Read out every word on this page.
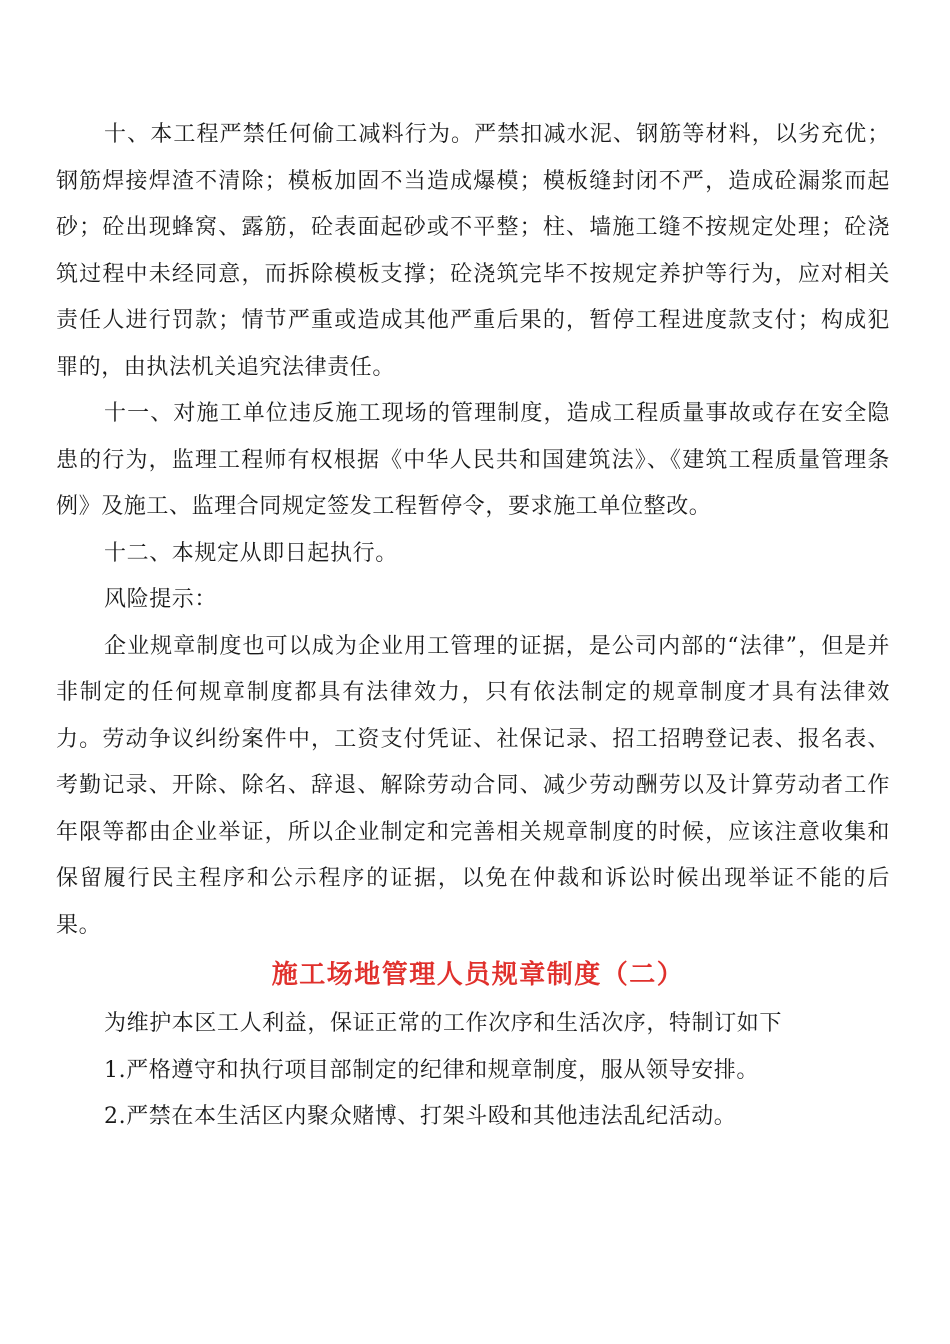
十、本工程严禁任何偷工减料行为。严禁扣减水泥、钢筋等材料，以劣充优；钢筋焊接焊渣不清除；模板加固不当造成爆模；模板缝封闭不严，造成砼漏浆而起砂；砼出现蜂窝、露筋，砼表面起砂或不平整；柱、墙施工缝不按规定处理；砼浇筑过程中未经同意，而拆除模板支撑；砼浇筑完毕不按规定养护等行为，应对相关责任人进行罚款；情节严重或造成其他严重后果的，暂停工程进度款支付；构成犯罪的，由执法机关追究法律责任。

十一、对施工单位违反施工现场的管理制度，造成工程质量事故或存在安全隐患的行为，监理工程师有权根据《中华人民共和国建筑法》、《建筑工程质量管理条例》及施工、监理合同规定签发工程暂停令，要求施工单位整改。

十二、本规定从即日起执行。

风险提示：

企业规章制度也可以成为企业用工管理的证据，是公司内部的“法律”，但是并非制定的任何规章制度都具有法律效力，只有依法制定的规章制度才具有法律效力。劳动争议纠纷案件中，工资支付凭证、社保记录、招工招聘登记表、报名表、考勤记录、开除、除名、辞退、解除劳动合同、减少劳动酬劳以及计算劳动者工作年限等都由企业举证，所以企业制定和完善相关规章制度的时候，应该注意收集和保留履行民主程序和公示程序的证据，以免在仲裁和诉讼时候出现举证不能的后果。

施工场地管理人员规章制度（二）

为维护本区工人利益，保证正常的工作次序和生活次序，特制订如下

1.严格遵守和执行项目部制定的纪律和规章制度，服从领导安排。

2.严禁在本生活区内聚众赌博、打架斗殴和其他违法乱纪活动。
